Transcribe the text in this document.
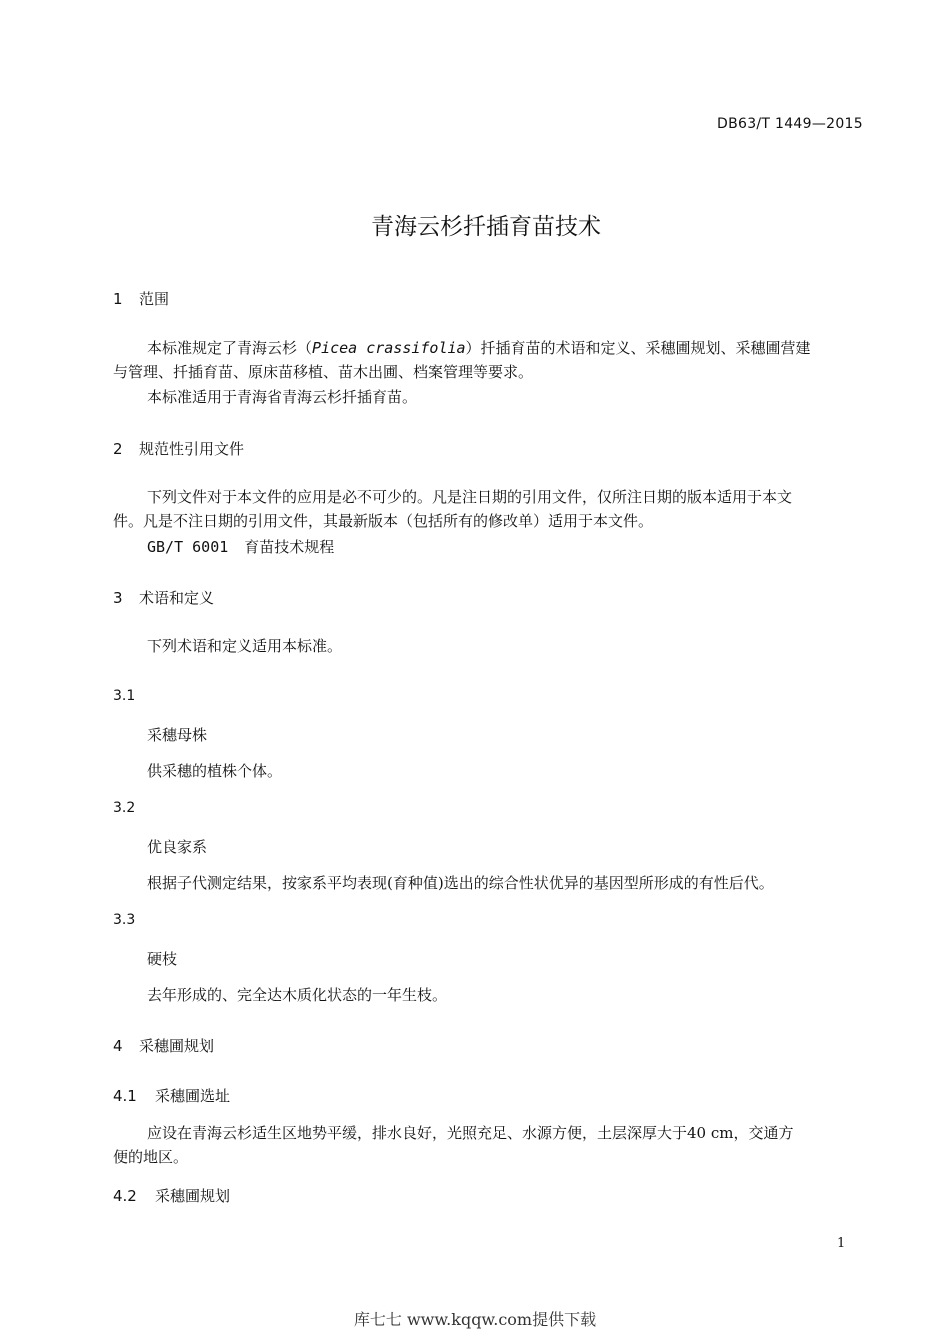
DB63/T 1449—2015
青海云杉扦插育苗技术
1 范围
本标准规定了青海云杉（Picea crassifolia）扦插育苗的术语和定义、采穗圃规划、采穗圃营建
与管理、扦插育苗、原床苗移植、苗木出圃、档案管理等要求。
本标准适用于青海省青海云杉扦插育苗。
2 规范性引用文件
下列文件对于本文件的应用是必不可少的。凡是注日期的引用文件，仅所注日期的版本适用于本文
件。凡是不注日期的引用文件，其最新版本（包括所有的修改单）适用于本文件。
GB/T 6001 育苗技术规程
3 术语和定义
下列术语和定义适用本标准。
3.1
采穗母株
供采穗的植株个体。
3.2
优良家系
根据子代测定结果，按家系平均表现(育种值)选出的综合性状优异的基因型所形成的有性后代。
3.3
硬枝
去年形成的、完全达木质化状态的一年生枝。
4 采穗圃规划
4.1 采穗圃选址
应设在青海云杉适生区地势平缓，排水良好，光照充足、水源方便，土层深厚大于40 cm，交通方
便的地区。
4.2 采穗圃规划
1
库七七 www.kqqw.com提供下载
